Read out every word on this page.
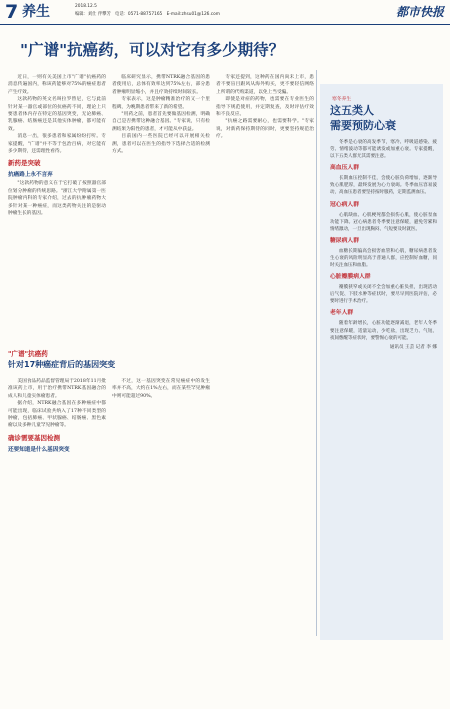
7 养生	2018.12.5
编辑：刘仕 伴攀芳　电话：0571-88757165　E-mail:zhsu01@126.com	都市快报
"广谱"抗癌药，可以对它有多少期待？

近日，一则有关美国上市"广谱"抗癌药的消息传遍国内，称该药能够对75%的癌症患者产生疗效。

这款药物的英文名叫拉罗替尼，它与此前针对某一器官或部位的抗癌药不同，理论上只要患者体内存在特定的基因突变，无论肺癌、乳腺癌、结肠癌还是其他实体肿瘤，都可能有效。

消息一出，很多患者和家属纷纷打听。专家提醒，"广谱"并不等于包治百病，对它能有多少期待，还需理性看待。

新药是突破
抗癌路上永不言弃

"这款药物的意义在于它打破了按照器官部位划分肿瘤的传统思路。"浙江大学附属第一医院肿瘤内科的专家介绍，过去的抗肿瘤药物大多针对某一种癌症，而这类药物关注的是驱动肿瘤生长的基因。

临床研究显示，携带NTRK融合基因的患者使用后，总体有效率达到75%左右，部分患者肿瘤明显缩小，并且疗效持续时间较长。

专家表示，这是肿瘤精准治疗的又一个里程碑，为晚期患者带来了新的希望。

"用药之前，患者首先要做基因检测，明确自己是否携带这种融合基因。"专家说，只有检测结果为阳性的患者，才可能从中获益。

目前国内一些医院已经可以开展相关检测，患者可以在医生的指导下选择合适的检测方式。

专家还提到，这种药在国内尚未上市，患者不要盲目跟风从海外购买，更不要轻信网络上所谓的代购渠道，以免上当受骗。

即使是对症的药物，也需要在专业医生的指导下规范使用，并定期复查，及时评估疗效和不良反应。

"抗癌之路需要耐心，也需要科学。"专家说，对新药保持期待的同时，更要坚持规范治疗。

"广谱"抗癌药
针对17种癌症背后的基因突变

美国食品药品监督管理局于2018年11月批准该药上市，用于治疗携带NTRK基因融合的成人和儿童实体瘤患者。

据介绍，NTRK融合基因在多种癌症中都可能出现，临床试验共纳入了17种不同类型的肿瘤，包括肺癌、甲状腺癌、结肠癌、黑色素瘤以及多种儿童罕见肿瘤等。

确诊需要基因检测
还要知道是什么基因突变

不过，这一基因突变在常见癌症中的发生率并不高，大约在1%左右，而在某些罕见肿瘤中则可能超过90%。

寒冬养生
这五类人
需要预防心衰

冬季是心衰的高发季节，寒冷、呼吸道感染、疲劳、情绪波动等都可能诱发或加重心衰。专家提醒，以下五类人群尤其需要注意。

高血压人群

长期血压控制不佳，会使心脏负荷增加，逐渐导致心肌肥厚，最终发展为心力衰竭。冬季血压容易波动，高血压患者要坚持按时服药，定期监测血压。

冠心病人群

心肌缺血、心肌梗死都会损伤心肌，使心脏泵血功能下降。冠心病患者冬季要注意保暖，避免劳累和情绪激动，一旦出现胸闷、气短要及时就医。

糖尿病人群

血糖长期偏高会损害血管和心肌，糖尿病患者发生心衰的风险明显高于普通人群，应控制好血糖，同时关注血压和血脂。

心脏瓣膜病人群

瓣膜狭窄或关闭不全会加重心脏负担，出现活动后气促、下肢水肿等症状时，要尽早到医院评估，必要时进行手术治疗。

老年人群

随着年龄增长，心脏功能逐渐减退，老年人冬季要注意保暖，适量运动，少吃盐，出现乏力、气短、夜间憋醒等症状时，要警惕心衰的可能。

通讯员 王芸 记者 李 娜
